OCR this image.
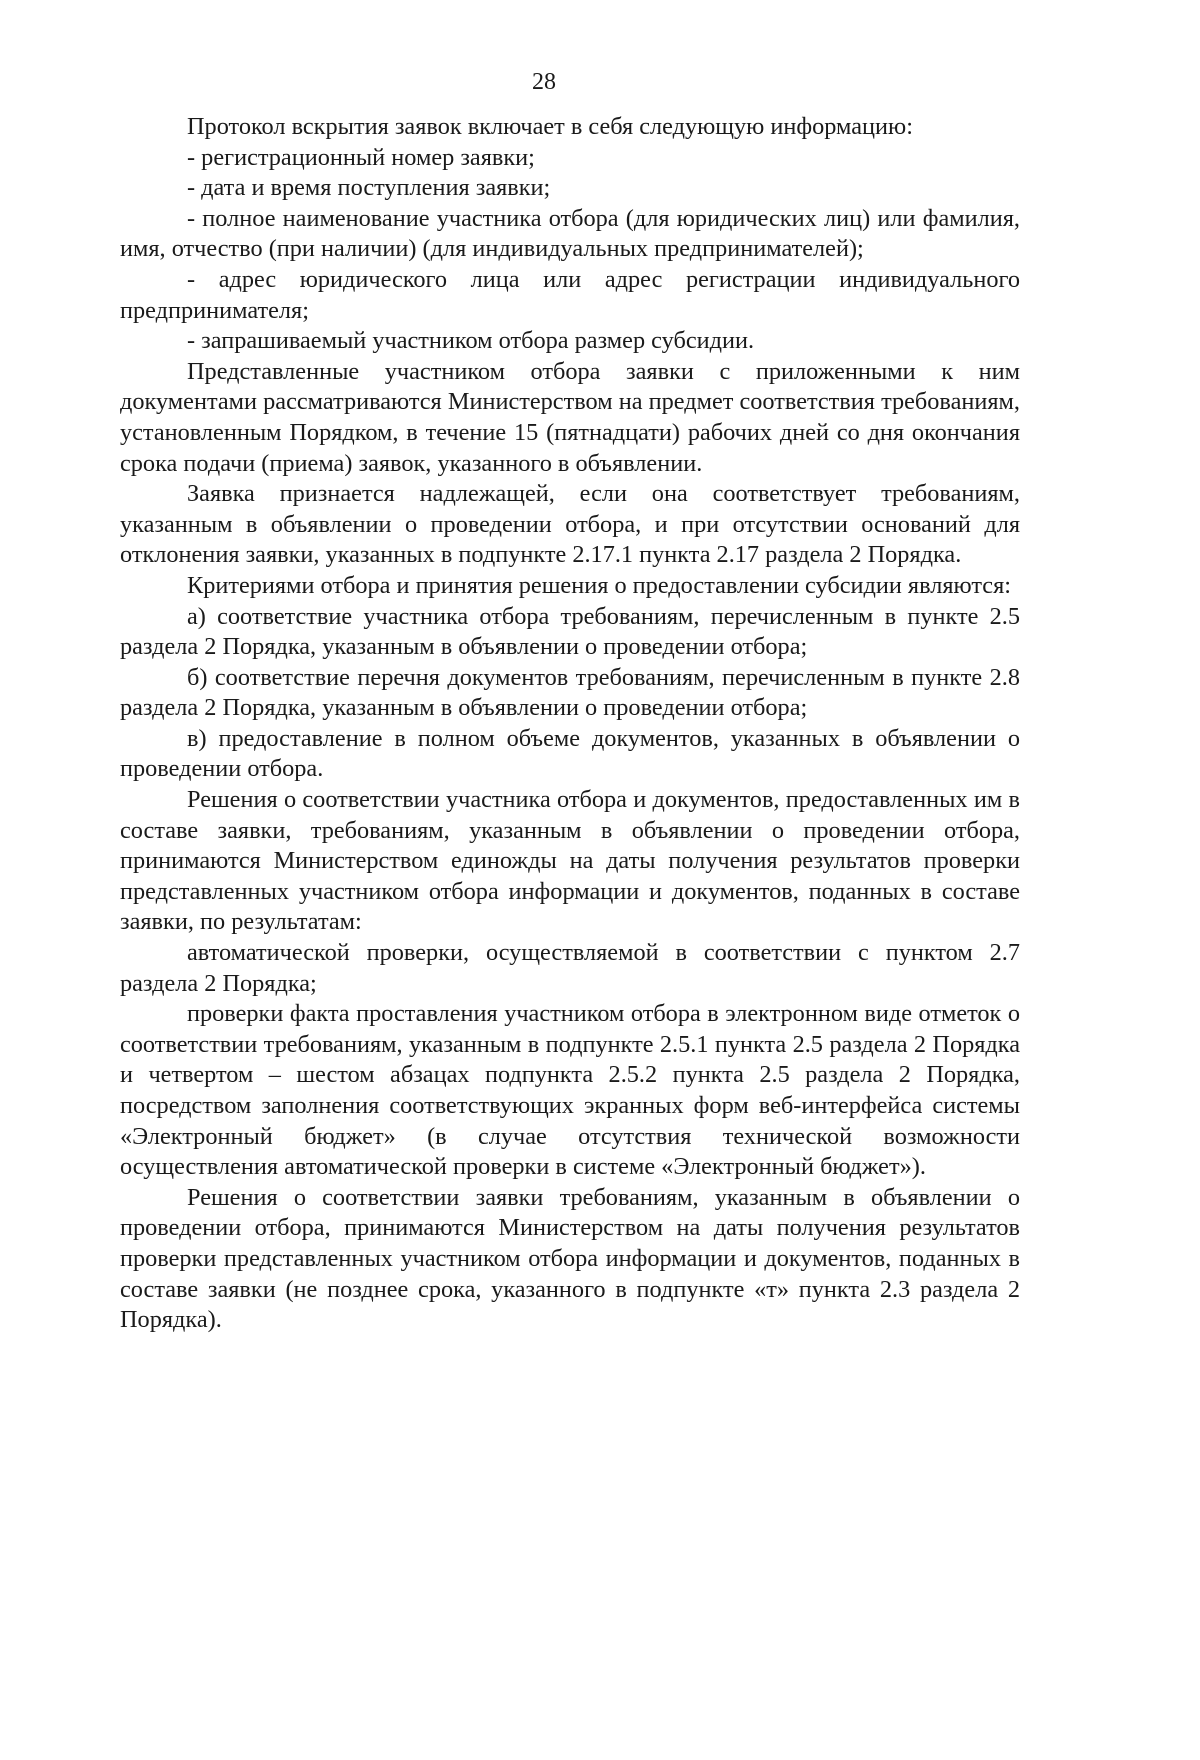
28

Протокол вскрытия заявок включает в себя следующую информацию:

- регистрационный номер заявки;

- дата и время поступления заявки;

- полное наименование участника отбора (для юридических лиц) или фамилия, имя, отчество (при наличии) (для индивидуальных предпринимателей);

- адрес юридического лица или адрес регистрации индивидуального предпринимателя;

- запрашиваемый участником отбора размер субсидии.

Представленные участником отбора заявки с приложенными к ним документами рассматриваются Министерством на предмет соответствия требованиям, установленным Порядком, в течение 15 (пятнадцати) рабочих дней со дня окончания срока подачи (приема) заявок, указанного в объявлении.

Заявка признается надлежащей, если она соответствует требованиям, указанным в объявлении о проведении отбора, и при отсутствии оснований для отклонения заявки, указанных в подпункте 2.17.1 пункта 2.17 раздела 2 Порядка.

Критериями отбора и принятия решения о предоставлении субсидии являются:

а) соответствие участника отбора требованиям, перечисленным в пункте 2.5 раздела 2 Порядка, указанным в объявлении о проведении отбора;

б) соответствие перечня документов требованиям, перечисленным в пункте 2.8 раздела 2 Порядка, указанным в объявлении о проведении отбора;

в) предоставление в полном объеме документов, указанных в объявлении о проведении отбора.

Решения о соответствии участника отбора и документов, предоставленных им в составе заявки, требованиям, указанным в объявлении о проведении отбора, принимаются Министерством единожды на даты получения результатов проверки представленных участником отбора информации и документов, поданных в составе заявки, по результатам:

автоматической проверки, осуществляемой в соответствии с пунктом 2.7 раздела 2 Порядка;

проверки факта проставления участником отбора в электронном виде отметок о соответствии требованиям, указанным в подпункте 2.5.1 пункта 2.5 раздела 2 Порядка и четвертом – шестом абзацах подпункта 2.5.2 пункта 2.5 раздела 2 Порядка, посредством заполнения соответствующих экранных форм веб-интерфейса системы «Электронный бюджет» (в случае отсутствия технической возможности осуществления автоматической проверки в системе «Электронный бюджет»).

Решения о соответствии заявки требованиям, указанным в объявлении о проведении отбора, принимаются Министерством на даты получения результатов проверки представленных участником отбора информации и документов, поданных в составе заявки (не позднее срока, указанного в подпункте «т» пункта 2.3 раздела 2 Порядка).
